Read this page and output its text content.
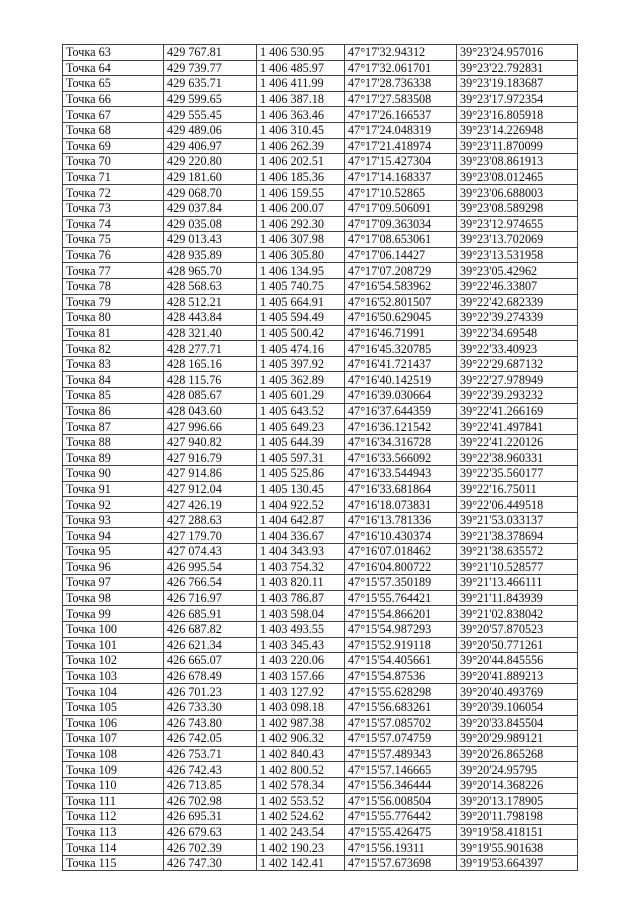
Точка 63	429 767.81	1 406 530.95	47°17'32.94312	39°23'24.957016
Точка 64	429 739.77	1 406 485.97	47°17'32.061701	39°23'22.792831
Точка 65	429 635.71	1 406 411.99	47°17'28.736338	39°23'19.183687
Точка 66	429 599.65	1 406 387.18	47°17'27.583508	39°23'17.972354
Точка 67	429 555.45	1 406 363.46	47°17'26.166537	39°23'16.805918
Точка 68	429 489.06	1 406 310.45	47°17'24.048319	39°23'14.226948
Точка 69	429 406.97	1 406 262.39	47°17'21.418974	39°23'11.870099
Точка 70	429 220.80	1 406 202.51	47°17'15.427304	39°23'08.861913
Точка 71	429 181.60	1 406 185.36	47°17'14.168337	39°23'08.012465
Точка 72	429 068.70	1 406 159.55	47°17'10.52865	39°23'06.688003
Точка 73	429 037.84	1 406 200.07	47°17'09.506091	39°23'08.589298
Точка 74	429 035.08	1 406 292.30	47°17'09.363034	39°23'12.974655
Точка 75	429 013.43	1 406 307.98	47°17'08.653061	39°23'13.702069
Точка 76	428 935.89	1 406 305.80	47°17'06.14427	39°23'13.531958
Точка 77	428 965.70	1 406 134.95	47°17'07.208729	39°23'05.42962
Точка 78	428 568.63	1 405 740.75	47°16'54.583962	39°22'46.33807
Точка 79	428 512.21	1 405 664.91	47°16'52.801507	39°22'42.682339
Точка 80	428 443.84	1 405 594.49	47°16'50.629045	39°22'39.274339
Точка 81	428 321.40	1 405 500.42	47°16'46.71991	39°22'34.69548
Точка 82	428 277.71	1 405 474.16	47°16'45.320785	39°22'33.40923
Точка 83	428 165.16	1 405 397.92	47°16'41.721437	39°22'29.687132
Точка 84	428 115.76	1 405 362.89	47°16'40.142519	39°22'27.978949
Точка 85	428 085.67	1 405 601.29	47°16'39.030664	39°22'39.293232
Точка 86	428 043.60	1 405 643.52	47°16'37.644359	39°22'41.266169
Точка 87	427 996.66	1 405 649.23	47°16'36.121542	39°22'41.497841
Точка 88	427 940.82	1 405 644.39	47°16'34.316728	39°22'41.220126
Точка 89	427 916.79	1 405 597.31	47°16'33.566092	39°22'38.960331
Точка 90	427 914.86	1 405 525.86	47°16'33.544943	39°22'35.560177
Точка 91	427 912.04	1 405 130.45	47°16'33.681864	39°22'16.75011
Точка 92	427 426.19	1 404 922.52	47°16'18.073831	39°22'06.449518
Точка 93	427 288.63	1 404 642.87	47°16'13.781336	39°21'53.033137
Точка 94	427 179.70	1 404 336.67	47°16'10.430374	39°21'38.378694
Точка 95	427 074.43	1 404 343.93	47°16'07.018462	39°21'38.635572
Точка 96	426 995.54	1 403 754.32	47°16'04.800722	39°21'10.528577
Точка 97	426 766.54	1 403 820.11	47°15'57.350189	39°21'13.466111
Точка 98	426 716.97	1 403 786.87	47°15'55.764421	39°21'11.843939
Точка 99	426 685.91	1 403 598.04	47°15'54.866201	39°21'02.838042
Точка 100	426 687.82	1 403 493.55	47°15'54.987293	39°20'57.870523
Точка 101	426 621.34	1 403 345.43	47°15'52.919118	39°20'50.771261
Точка 102	426 665.07	1 403 220.06	47°15'54.405661	39°20'44.845556
Точка 103	426 678.49	1 403 157.66	47°15'54.87536	39°20'41.889213
Точка 104	426 701.23	1 403 127.92	47°15'55.628298	39°20'40.493769
Точка 105	426 733.30	1 403 098.18	47°15'56.683261	39°20'39.106054
Точка 106	426 743.80	1 402 987.38	47°15'57.085702	39°20'33.845504
Точка 107	426 742.05	1 402 906.32	47°15'57.074759	39°20'29.989121
Точка 108	426 753.71	1 402 840.43	47°15'57.489343	39°20'26.865268
Точка 109	426 742.43	1 402 800.52	47°15'57.146665	39°20'24.95795
Точка 110	426 713.85	1 402 578.34	47°15'56.346444	39°20'14.368226
Точка 111	426 702.98	1 402 553.52	47°15'56.008504	39°20'13.178905
Точка 112	426 695.31	1 402 524.62	47°15'55.776442	39°20'11.798198
Точка 113	426 679.63	1 402 243.54	47°15'55.426475	39°19'58.418151
Точка 114	426 702.39	1 402 190.23	47°15'56.19311	39°19'55.901638
Точка 115	426 747.30	1 402 142.41	47°15'57.673698	39°19'53.664397
